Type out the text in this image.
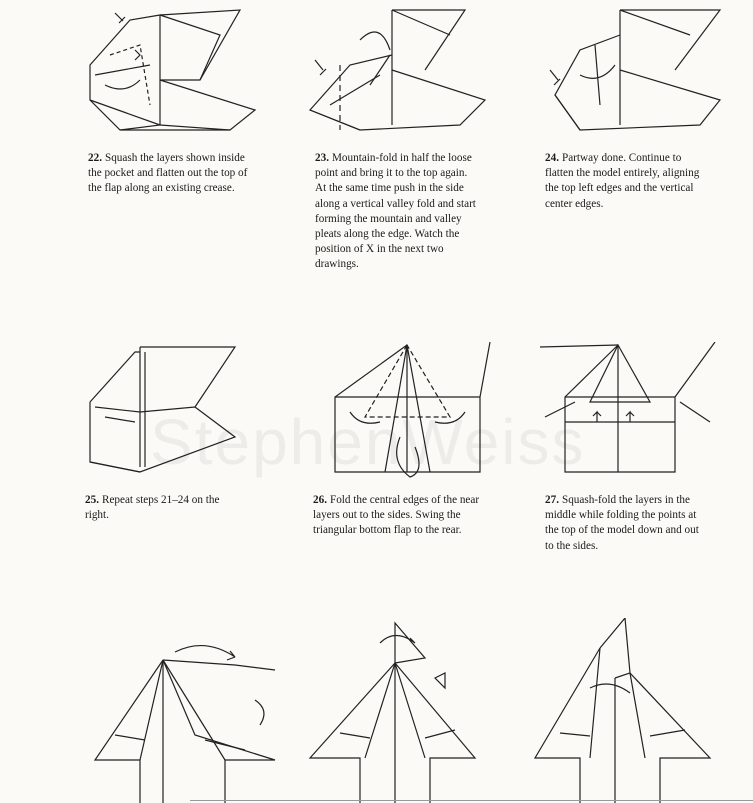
StephenWeiss
22. Squash the layers shown inside the pocket and flatten out the top of the flap along an existing crease.
23. Mountain-fold in half the loose point and bring it to the top again. At the same time push in the side along a vertical valley fold and start forming the mountain and valley pleats along the edge. Watch the position of X in the next two drawings.
24. Partway done. Continue to flatten the model entirely, aligning the top left edges and the vertical center edges.
25. Repeat steps 21–24 on the right.
26. Fold the central edges of the near layers out to the sides. Swing the triangular bottom flap to the rear.
27. Squash-fold the layers in the middle while folding the points at the top of the model down and out to the sides.
